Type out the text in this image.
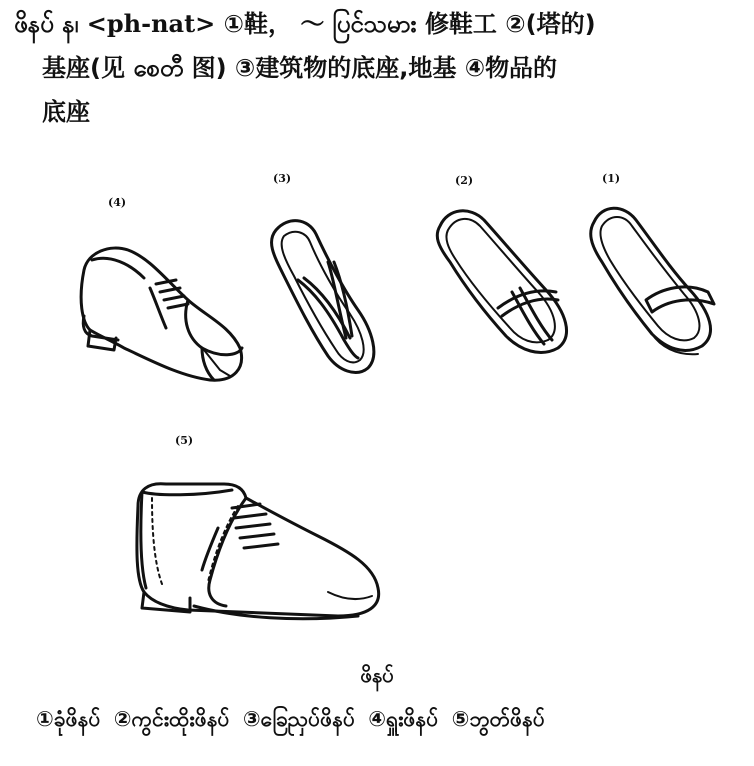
ဖိနပ် န၊ <ph-nat> ①鞋， ～ ပြင်သမား 修鞋工 ②(塔的)
基座(见 စေတီ 图) ③建筑物的底座,地基 ④物品的
底座
(4)
(3)	(2)	(1)
(5)
ဖိနပ်
①ခုံဖိနပ် ②ကွင်းထိုးဖိနပ် ③ခြေညှပ်ဖိနပ် ④ရှူးဖိနပ် ⑤ဘွတ်ဖိနပ်
